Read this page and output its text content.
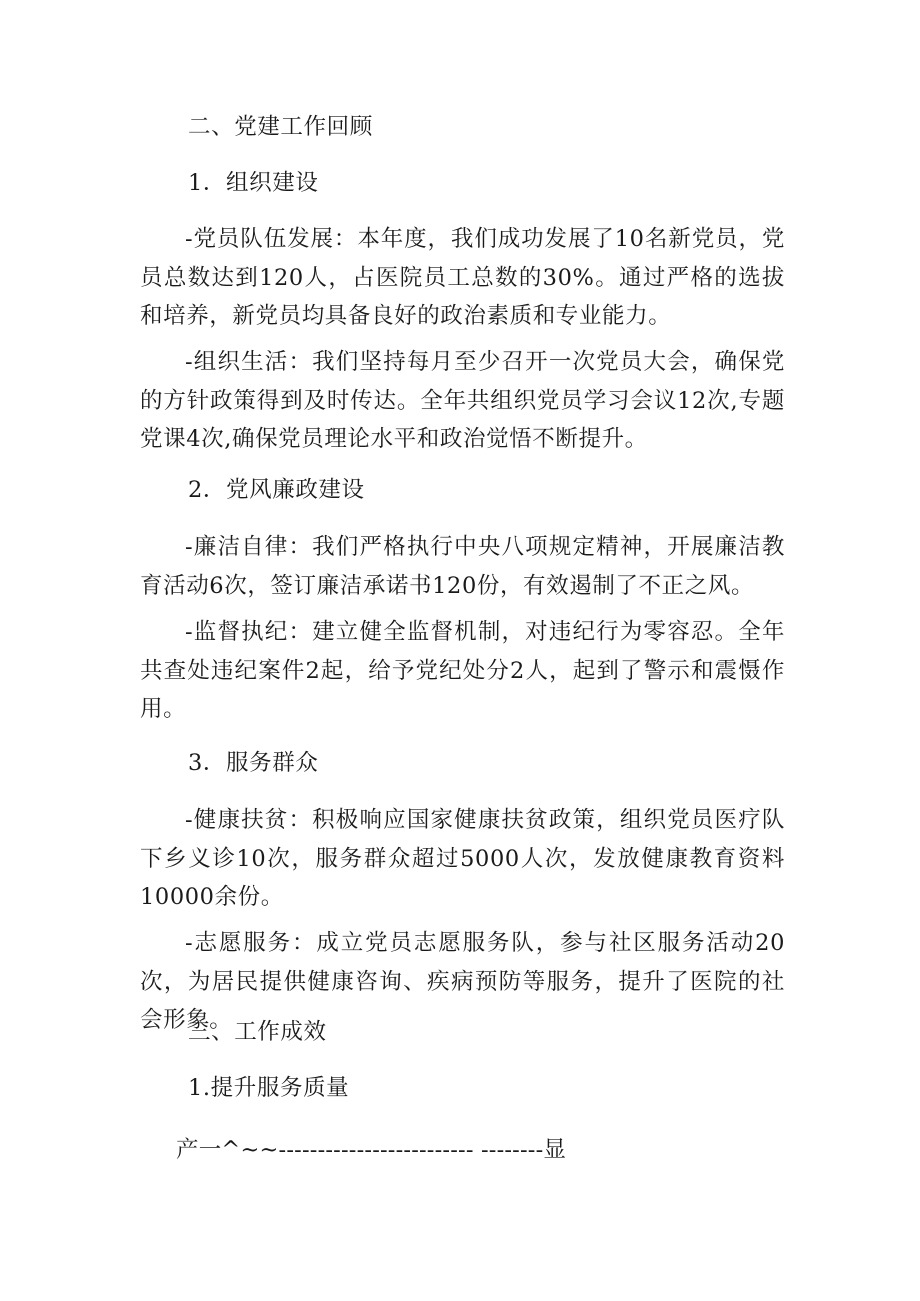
二、党建工作回顾
1．组织建设
-党员队伍发展：本年度，我们成功发展了10名新党员，党员总数达到120人，占医院员工总数的30%。通过严格的选拔和培养，新党员均具备良好的政治素质和专业能力。
-组织生活：我们坚持每月至少召开一次党员大会，确保党的方针政策得到及时传达。全年共组织党员学习会议12次,专题党课4次,确保党员理论水平和政治觉悟不断提升。
2．党风廉政建设
-廉洁自律：我们严格执行中央八项规定精神，开展廉洁教育活动6次，签订廉洁承诺书120份，有效遏制了不正之风。
-监督执纪：建立健全监督机制，对违纪行为零容忍。全年共查处违纪案件2起，给予党纪处分2人，起到了警示和震慑作用。
3．服务群众
-健康扶贫：积极响应国家健康扶贫政策，组织党员医疗队下乡义诊10次，服务群众超过5000人次，发放健康教育资料10000余份。
-志愿服务：成立党员志愿服务队，参与社区服务活动20次，为居民提供健康咨询、疾病预防等服务，提升了医院的社会形象。
三、工作成效
1.提升服务质量
产一^~~------------------------- --------显
